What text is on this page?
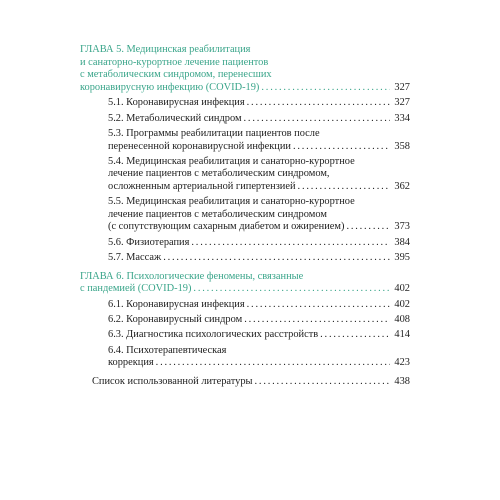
ГЛАВА 5. Медицинская реабилитация
и санаторно-курортное лечение пациентов
с метаболическим синдромом, перенесших
коронавирусную инфекцию (COVID-19) .....	327
5.1. Коронавирусная инфекция .....	327
5.2. Метаболический синдром .....	334
5.3. Программы реабилитации пациентов после
перенесенной коронавирусной инфекции .....	358
5.4. Медицинская реабилитация и санаторно-курортное
лечение пациентов с метаболическим синдромом,
осложненным артериальной гипертензией .....	362
5.5. Медицинская реабилитация и санаторно-курортное
лечение пациентов с метаболическим синдромом
(с сопутствующим сахарным диабетом и ожирением) .....	373
5.6. Физиотерапия .....	384
5.7. Массаж .....	395
ГЛАВА 6. Психологические феномены, связанные
с пандемией (COVID-19) .....	402
6.1. Коронавирусная инфекция .....	402
6.2. Коронавирусный синдром .....	408
6.3. Диагностика психологических расстройств .....	414
6.4. Психотерапевтическая
коррекция .....	423
Список использованной литературы .....	438
